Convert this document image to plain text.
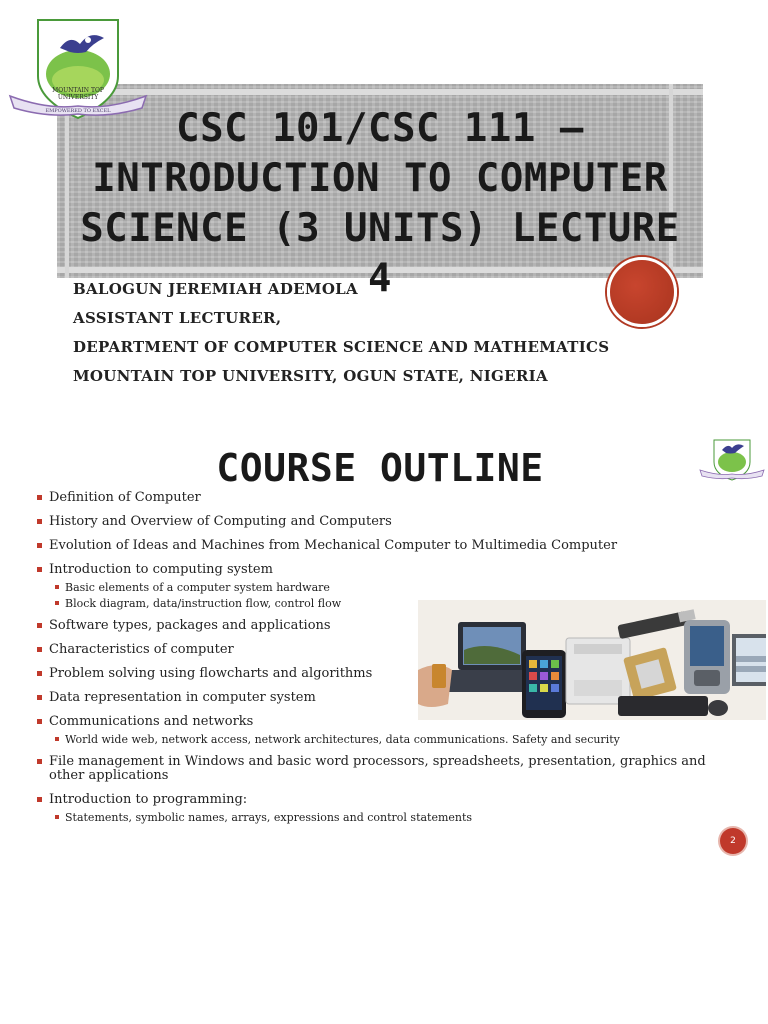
CSC 101/CSC 111 –
INTRODUCTION TO COMPUTER
SCIENCE (3 UNITS) LECTURE 4
MOUNTAIN TOP
UNIVERSITY
EMPOWERED TO EXCEL
BALOGUN JEREMIAH ADEMOLA
ASSISTANT LECTURER,
DEPARTMENT OF COMPUTER SCIENCE AND MATHEMATICS
MOUNTAIN TOP UNIVERSITY, OGUN STATE, NIGERIA
COURSE OUTLINE
Definition of Computer
History and Overview of Computing and Computers
Evolution of Ideas and Machines from Mechanical Computer to Multimedia Computer
Introduction to computing system
Basic elements of a computer system hardware
Block diagram, data/instruction flow, control flow
Software types, packages and applications
Characteristics of computer
Problem solving using flowcharts and algorithms
Data representation in computer system
Communications and networks
World wide web, network access, network architectures, data communications. Safety and security
File management in Windows and basic word processors, spreadsheets, presentation, graphics and other applications
Introduction to programming:
Statements, symbolic names, arrays, expressions and control statements
2
